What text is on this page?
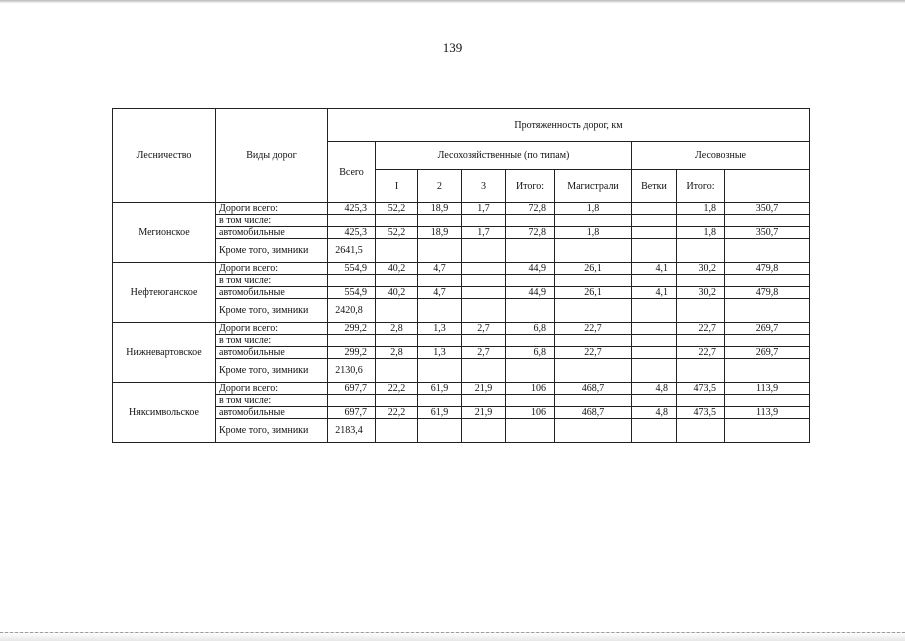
139
Лесничество	Виды дорог	Протяженность дорог, км									
		Всего	Лесохозяйственные (по типам)					Лесовозные	
			I	2	3	Итого:	Магистрали	Ветки	Итого:		
Мегионское	Дороги всего:	425,3	52,2	18,9	1,7	72,8	1,8		1,8	350,7	
	в том числе:										
	автомобильные	425,3	52,2	18,9	1,7	72,8	1,8		1,8	350,7	
	Кроме того, зимники	2641,5									
Нефтеюганское	Дороги всего:	554,9	40,2	4,7		44,9	26,1	4,1	30,2	479,8	
	в том числе:										
	автомобильные	554,9	40,2	4,7		44,9	26,1	4,1	30,2	479,8	
	Кроме того, зимники	2420,8									
Нижневартовское	Дороги всего:	299,2	2,8	1,3	2,7	6,8	22,7		22,7	269,7	
	в том числе:										
	автомобильные	299,2	2,8	1,3	2,7	6,8	22,7		22,7	269,7	
	Кроме того, зимники	2130,6									
Няксимвольское	Дороги всего:	697,7	22,2	61,9	21,9	106	468,7	4,8	473,5	113,9	
	в том числе:										
	автомобильные	697,7	22,2	61,9	21,9	106	468,7	4,8	473,5	113,9	
	Кроме того, зимники	2183,4									
